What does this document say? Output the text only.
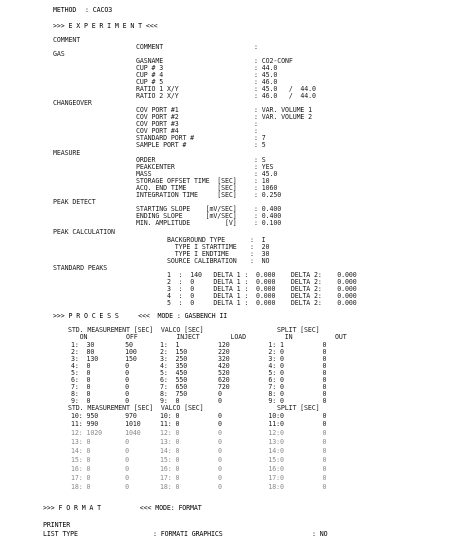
METHOD : CACO3
>>> E X P E R I M E N T <<<
COMMENT
COMMENT	:
GAS
GASNAME	: CO2-CONF
CUP # 3	: 44.0
CUP # 4	: 45.0
CUP # 5	: 46.0
RATIO 1 X/Y	: 45.0   /  44.0
RATIO 2 X/Y	: 46.0   /  44.0
CHANGEOVER
COV PORT #1	: VAR. VOLUME 1
COV PORT #2	: VAR. VOLUME 2
COV PORT #3	:
COV PORT #4	:
STANDARD PORT #	: 7
SAMPLE PORT #	: 5
MEASURE
ORDER	: S
PEAKCENTER	: YES
MASS	: 45.0
STORAGE OFFSET TIME  [SEC]	: 10
ACQ. END TIME        [SEC]	: 1060
INTEGRATION TIME     [SEC]	: 0.250
PEAK DETECT
STARTING SLOPE    [mV/SEC]	: 0.400
ENDING SLOPE      [mV/SEC]	: 0.400
MIN. AMPLITUDE         [V]	: 0.100
PEAK CALCULATION
BACKGROUND TYPE :  I
TYPE I STARTTIME :  20
TYPE I ENDTIME :  30
SOURCE CALIBRATION :  NO
STANDARD PEAKS
1  :  140   DELTA 1 :  0.000    DELTA 2:    0.000
2  :  0     DELTA 1 :  0.000    DELTA 2:    0.000
3  :  0     DELTA 1 :  0.000    DELTA 2:    0.000
4  :  0     DELTA 1 :  0.000    DELTA 2:    0.000
5  :  0     DELTA 1 :  0.000    DELTA 2:    0.000
>>> P R O C E S S     <<<  MODE : GASBENCH II
STD. MEASUREMENT [SEC]  VALCO [SEC]                   SPLIT [SEC]
ON          OFF          INJECT        LOAD          IN           OUT
1:  30        50       1:  1          120          1: 1          0
2:  80        100      2:  150        220          2: 0          0
3:  130       150      3:  250        320          3: 0          0
4:  0         0        4:  350        420          4: 0          0
5:  0         0        5:  450        520          5: 0          0
6:  0         0        6:  550        620          6: 0          0
7:  0         0        7:  650        720          7: 0          0
8:  0         0        8:  750        0            8: 0          0
9:  0         0        9:  0          0            9: 0          0
STD. MEASUREMENT [SEC]  VALCO [SEC]                   SPLIT [SEC]
10: 950       970      10: 0          0            10:0          0
11: 990       1010     11: 0          0            11:0          0
12: 1020      1040     12: 0          0            12:0          0
13: 0         0        13: 0          0            13:0          0
14: 0         0        14: 0          0            14:0          0
15: 0         0        15: 0          0            15:0          0
16: 0         0        16: 0          0            16:0          0
17: 0         0        17: 0          0            17:0          0
18: 0         0        18: 0          0            18:0          0
>>> F O R M A T          <<< MODE: FORMAT
PRINTER
LIST TYPE	: FORMATI GRAPHICS	: NO
